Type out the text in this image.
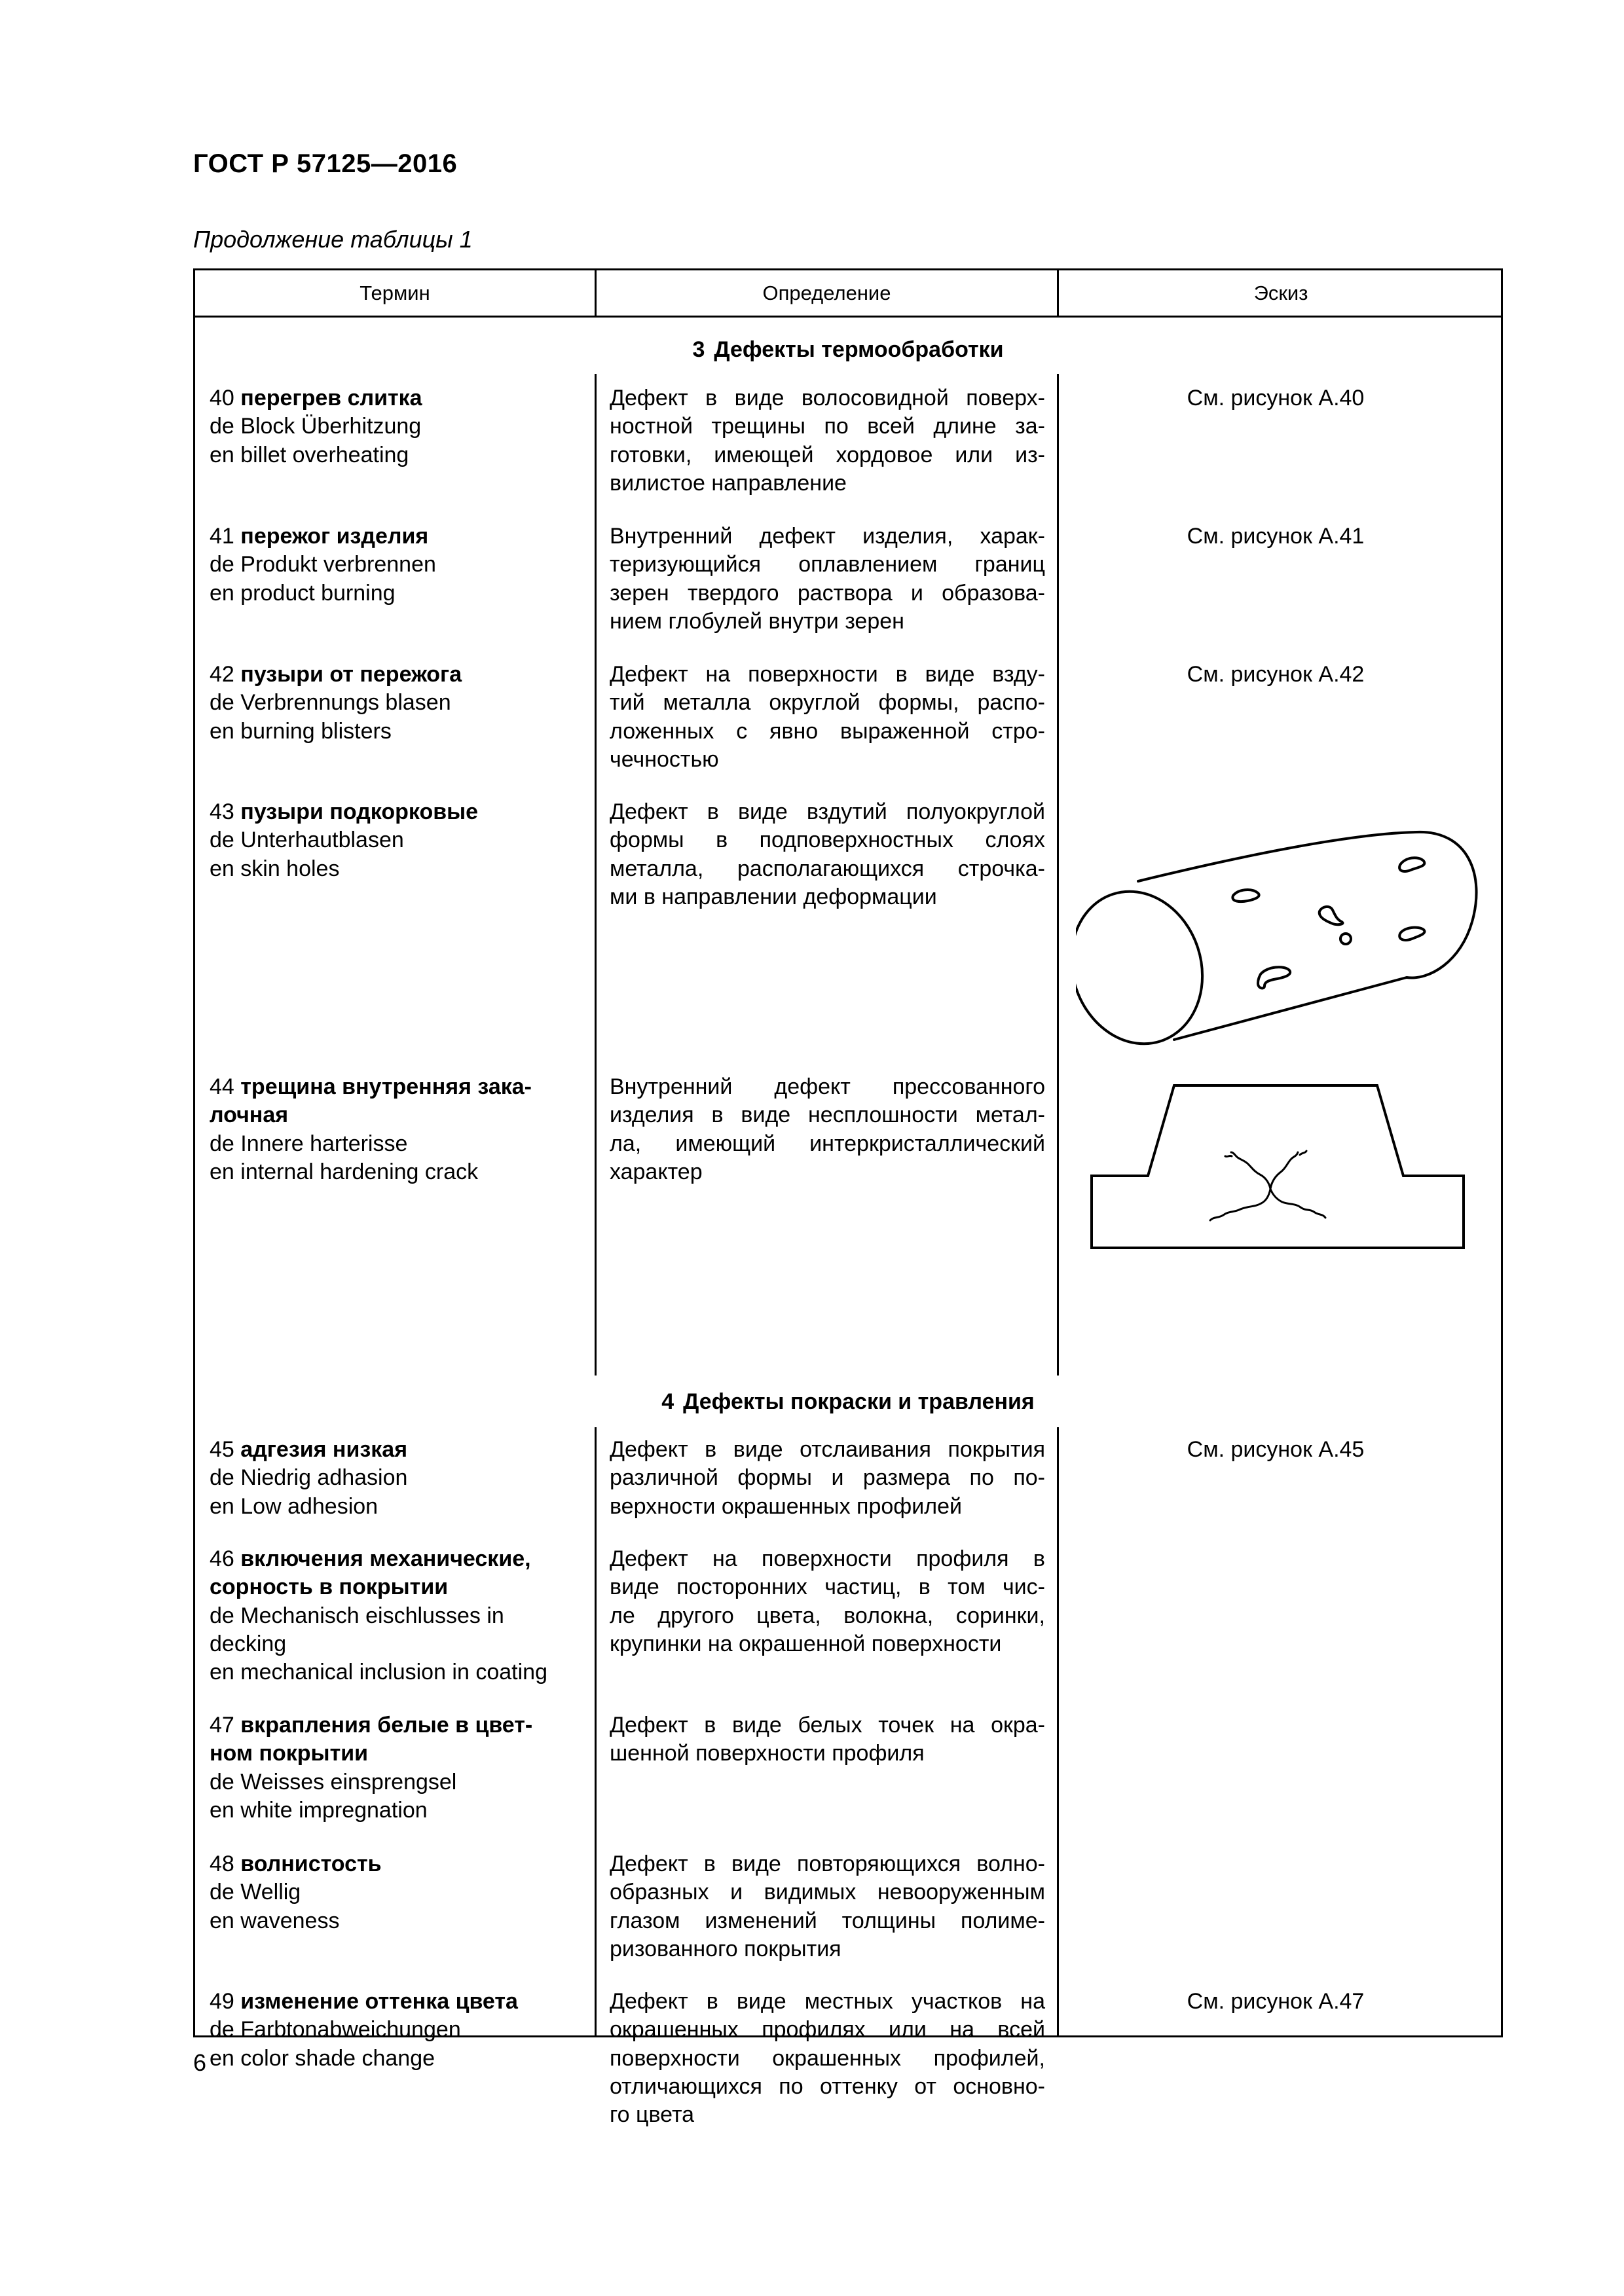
ГОСТ Р 57125—2016
Продолжение таблицы 1
Термин	Определение	Эскиз
3 Дефекты термообработки
40 перегрев слитка
de Block Überhitzung
en billet overheating
Дефект в виде волосовидной поверх-
ностной трещины по всей длине за-
готовки, имеющей хордовое или из-
вилистое направление
См. рисунок А.40
41 пережог изделия
de Produkt verbrennen
en product burning
Внутренний дефект изделия, харак-
теризующийся оплавлением границ
зерен твердого раствора и образова-
нием глобулей внутри зерен
См. рисунок А.41
42 пузыри от пережога
de Verbrennungs blasen
en burning blisters
Дефект на поверхности в виде взду-
тий металла округлой формы, распо-
ложенных с явно выраженной стро-
чечностью
См. рисунок А.42
43 пузыри подкорковые
de Unterhautblasen
en skin holes
Дефект в виде вздутий полуокруглой
формы в подповерхностных слоях
металла, располагающихся строчка-
ми в направлении деформации
44 трещина внутренняя зака-
лочная
de Innere harterisse
en internal hardening crack
Внутренний дефект прессованного
изделия в виде несплошности метал-
ла, имеющий интеркристаллический
характер
4 Дефекты покраски и травления
45 адгезия низкая
de Niedrig adhasion
en Low adhesion
Дефект в виде отслаивания покрытия
различной формы и размера по по-
верхности окрашенных профилей
См. рисунок А.45
46 включения механические,
сорность в покрытии
de Mechanisch eischlusses in
decking
en mechanical inclusion in coating
Дефект на поверхности профиля в
виде посторонних частиц, в том чис-
ле другого цвета, волокна, соринки,
крупинки на окрашенной поверхности
47 вкрапления белые в цвет-
ном покрытии
de Weisses einsprengsel
en white impregnation
Дефект в виде белых точек на окра-
шенной поверхности профиля
48 волнистость
de Wellig
en waveness
Дефект в виде повторяющихся волно-
образных и видимых невооруженным
глазом изменений толщины полиме-
ризованного покрытия
49 изменение оттенка цвета
de Farbtonabweichungen
en color shade change
Дефект в виде местных участков на
окрашенных профилях или на всей
поверхности окрашенных профилей,
отличающихся по оттенку от основно-
го цвета
См. рисунок А.47
6
